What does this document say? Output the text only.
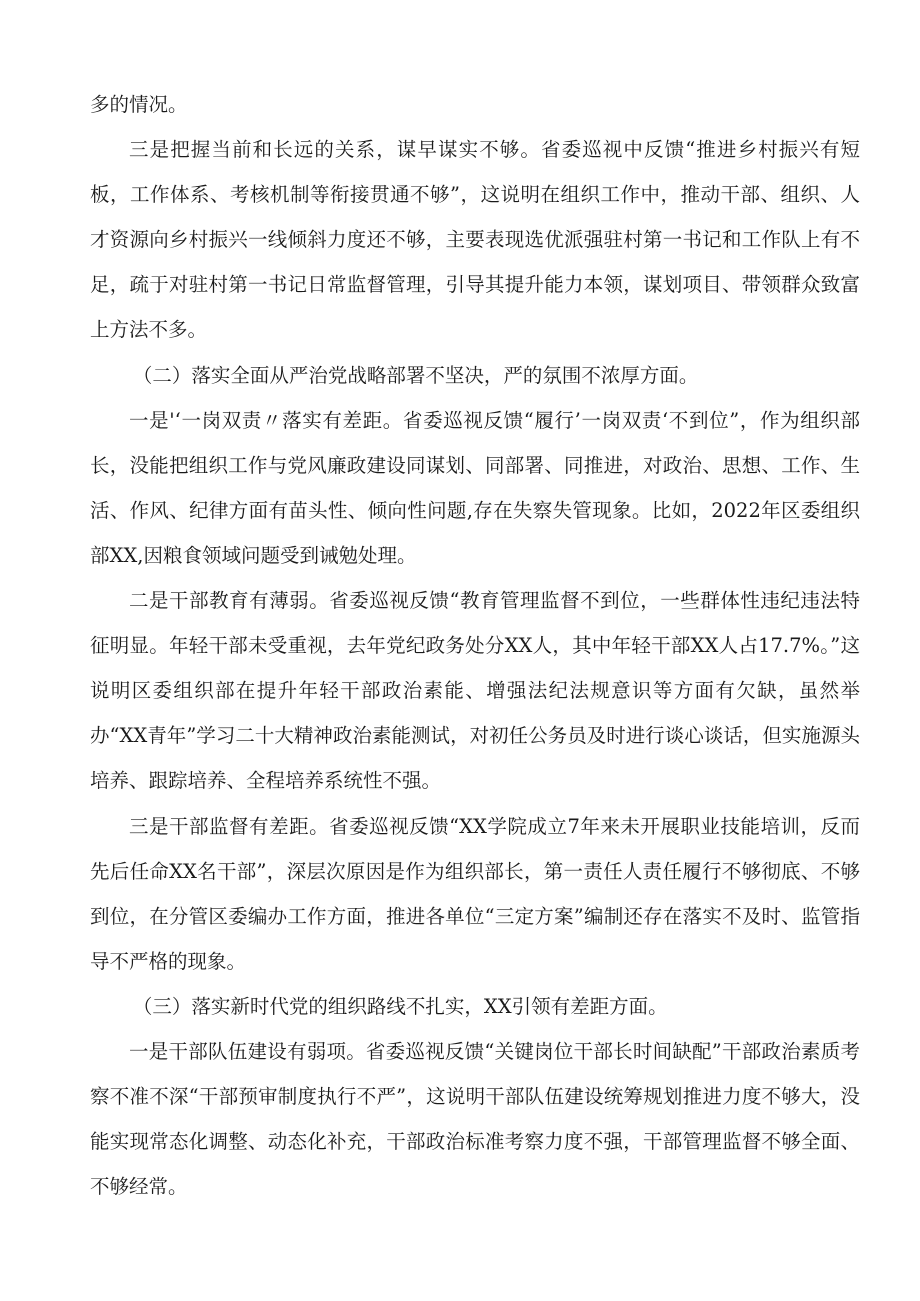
多的情况。

三是把握当前和长远的关系，谋早谋实不够。省委巡视中反馈“推进乡村振兴有短板，工作体系、考核机制等衔接贯通不够”，这说明在组织工作中，推动干部、组织、人才资源向乡村振兴一线倾斜力度还不够，主要表现选优派强驻村第一书记和工作队上有不足，疏于对驻村第一书记日常监督管理，引导其提升能力本领，谋划项目、带领群众致富上方法不多。

（二）落实全面从严治党战略部署不坚决，严的氛围不浓厚方面。

一是'‘一岗双责〃落实有差距。省委巡视反馈“履行’一岗双责‘不到位”，作为组织部长，没能把组织工作与党风廉政建设同谋划、同部署、同推进，对政治、思想、工作、生活、作风、纪律方面有苗头性、倾向性问题,存在失察失管现象。比如，2022年区委组织部XX,因粮食领域问题受到诫勉处理。

二是干部教育有薄弱。省委巡视反馈“教育管理监督不到位，一些群体性违纪违法特征明显。年轻干部未受重视，去年党纪政务处分XX人，其中年轻干部XX人占17.7%。”这说明区委组织部在提升年轻干部政治素能、增强法纪法规意识等方面有欠缺，虽然举办“XX青年”学习二十大精神政治素能测试，对初任公务员及时进行谈心谈话，但实施源头培养、跟踪培养、全程培养系统性不强。

三是干部监督有差距。省委巡视反馈“XX学院成立7年来未开展职业技能培训，反而先后任命XX名干部”，深层次原因是作为组织部长，第一责任人责任履行不够彻底、不够到位，在分管区委编办工作方面，推进各单位“三定方案”编制还存在落实不及时、监管指导不严格的现象。

（三）落实新时代党的组织路线不扎实，XX引领有差距方面。

一是干部队伍建设有弱项。省委巡视反馈“关键岗位干部长时间缺配”干部政治素质考察不准不深“干部预审制度执行不严”，这说明干部队伍建设统筹规划推进力度不够大，没能实现常态化调整、动态化补充，干部政治标准考察力度不强，干部管理监督不够全面、不够经常。
